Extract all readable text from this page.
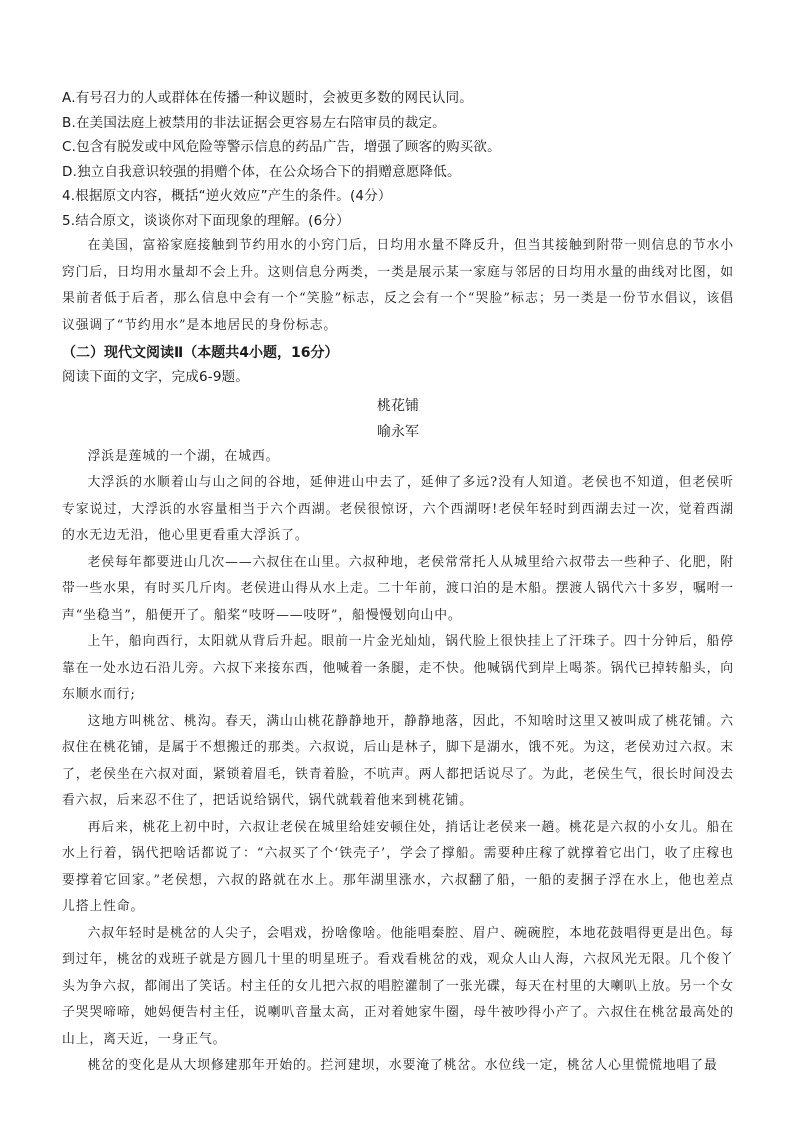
A.有号召力的人或群体在传播一种议题时，会被更多数的网民认同。

B.在美国法庭上被禁用的非法证据会更容易左右陪审员的裁定。

C.包含有脱发或中风危险等警示信息的药品广告，增强了顾客的购买欲。

D.独立自我意识较强的捐赠个体，在公众场合下的捐赠意愿降低。

4.根据原文内容，概括“逆火效应”产生的条件。(4分）

5.结合原文，谈谈你对下面现象的理解。(6分）

在美国，富裕家庭接触到节约用水的小窍门后，日均用水量不降反升，但当其接触到附带一则信息的节水小窍门后，日均用水量却不会上升。这则信息分两类，一类是展示某一家庭与邻居的日均用水量的曲线对比图，如果前者低于后者，那么信息中会有一个“笑脸”标志，反之会有一个“哭脸”标志；另一类是一份节水倡议，该倡议强调了“节约用水”是本地居民的身份标志。

（二）现代文阅读Ⅱ（本题共4小题，16分）

阅读下面的文字，完成6-9题。

桃花铺

喻永军

浮浜是莲城的一个湖，在城西。

大浮浜的水顺着山与山之间的谷地，延伸进山中去了，延伸了多远?没有人知道。老侯也不知道，但老侯听专家说过，大浮浜的水容量相当于六个西湖。老侯很惊讶，六个西湖呀!老侯年轻时到西湖去过一次，觉着西湖的水无边无沿，他心里更看重大浮浜了。

老侯每年都要进山几次——六叔住在山里。六叔种地，老侯常常托人从城里给六叔带去一些种子、化肥，附带一些水果，有时买几斤肉。老侯进山得从水上走。二十年前，渡口泊的是木船。摆渡人锅代六十多岁，嘱咐一声“坐稳当”，船便开了。船桨“吱呀——吱呀”，船慢慢划向山中。

上午，船向西行，太阳就从背后升起。眼前一片金光灿灿，锅代脸上很快挂上了汗珠子。四十分钟后，船停靠在一处水边石沿儿旁。六叔下来接东西，他喊着一条腿，走不快。他喊锅代到岸上喝茶。锅代已掉转船头，向东顺水而行;

这地方叫桃岔、桃沟。春天，满山山桃花静静地开，静静地落，因此，不知啥时这里又被叫成了桃花铺。六叔住在桃花铺，是属于不想搬迁的那类。六叔说，后山是林子，脚下是湖水，饿不死。为这，老侯劝过六叔。末了，老侯坐在六叔对面，紧锁着眉毛，铁青着脸，不吭声。两人都把话说尽了。为此，老侯生气，很长时间没去看六叔，后来忍不住了，把话说给锅代，锅代就载着他来到桃花铺。

再后来，桃花上初中时，六叔让老侯在城里给娃安顿住处，捎话让老侯来一趟。桃花是六叔的小女儿。船在水上行着，锅代把啥话都说了：“六叔买了个‘铁壳子’，学会了撑船。需要种庄稼了就撑着它出门，收了庄稼也要撑着它回家。”老侯想，六叔的路就在水上。那年湖里涨水，六叔翻了船，一船的麦捆子浮在水上，他也差点儿搭上性命。

六叔年轻时是桃岔的人尖子，会唱戏，扮啥像啥。他能唱秦腔、眉户、碗碗腔，本地花鼓唱得更是出色。每到过年，桃岔的戏班子就是方圆几十里的明星班子。看戏看桃岔的戏，观众人山人海，六叔风光无限。几个俊丫头为争六叔，都闹出了笑话。村主任的女儿把六叔的唱腔灌制了一张光碟，每天在村里的大喇叭上放。另一个女子哭哭啼啼，她妈便告村主任，说喇叭音量太高，正对着她家牛圈，母牛被吵得小产了。六叔住在桃岔最高处的山上，离天近，一身正气。

桃岔的变化是从大坝修建那年开始的。拦河建坝，水要淹了桃岔。水位线一定，桃岔人心里慌慌地唱了最
